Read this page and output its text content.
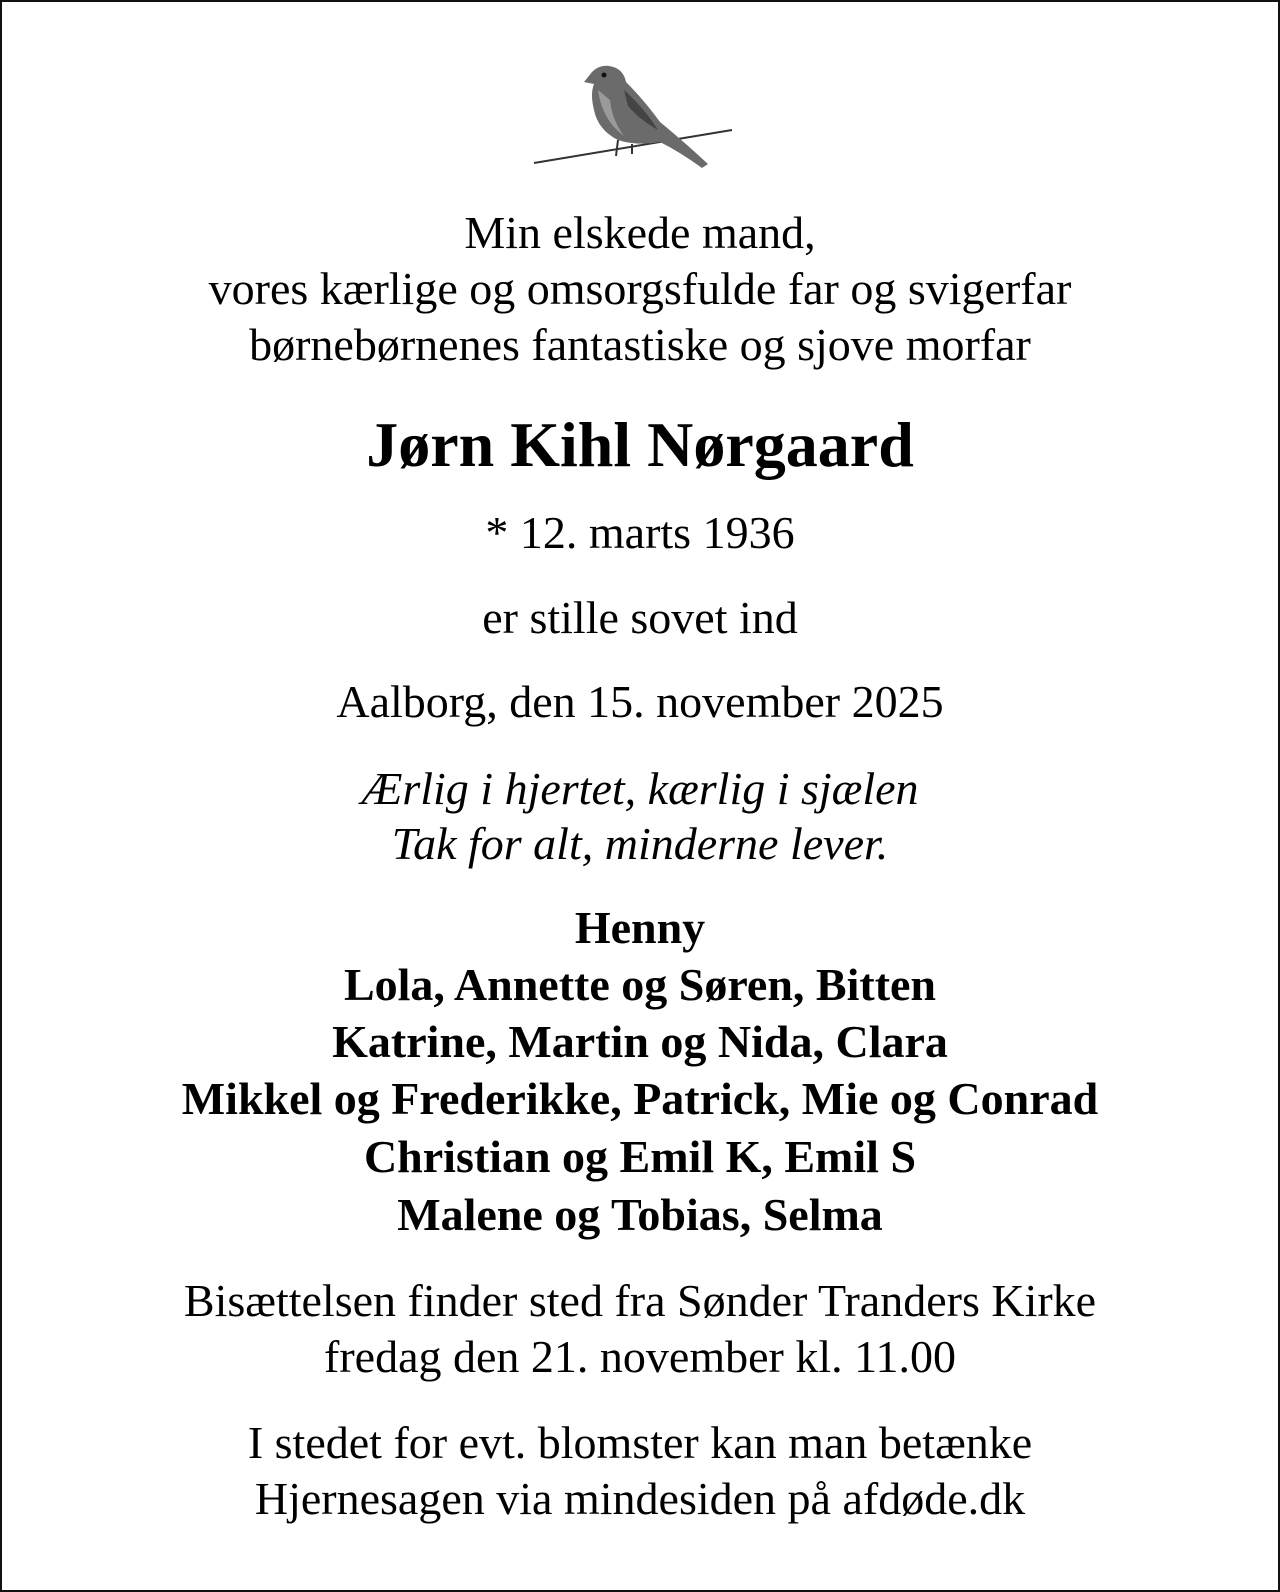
Min elskede mand,
vores kærlige og omsorgsfulde far og svigerfar
børnebørnenes fantastiske og sjove morfar
Jørn Kihl Nørgaard
* 12. marts 1936
er stille sovet ind
Aalborg, den 15. november 2025
Ærlig i hjertet, kærlig i sjælen
Tak for alt, minderne lever.
Henny
Lola, Annette og Søren, Bitten
Katrine, Martin og Nida, Clara
Mikkel og Frederikke, Patrick, Mie og Conrad
Christian og Emil K, Emil S
Malene og Tobias, Selma
Bisættelsen finder sted fra Sønder Tranders Kirke
fredag den 21. november kl. 11.00
I stedet for evt. blomster kan man betænke
Hjernesagen via mindesiden på afdøde.dk
